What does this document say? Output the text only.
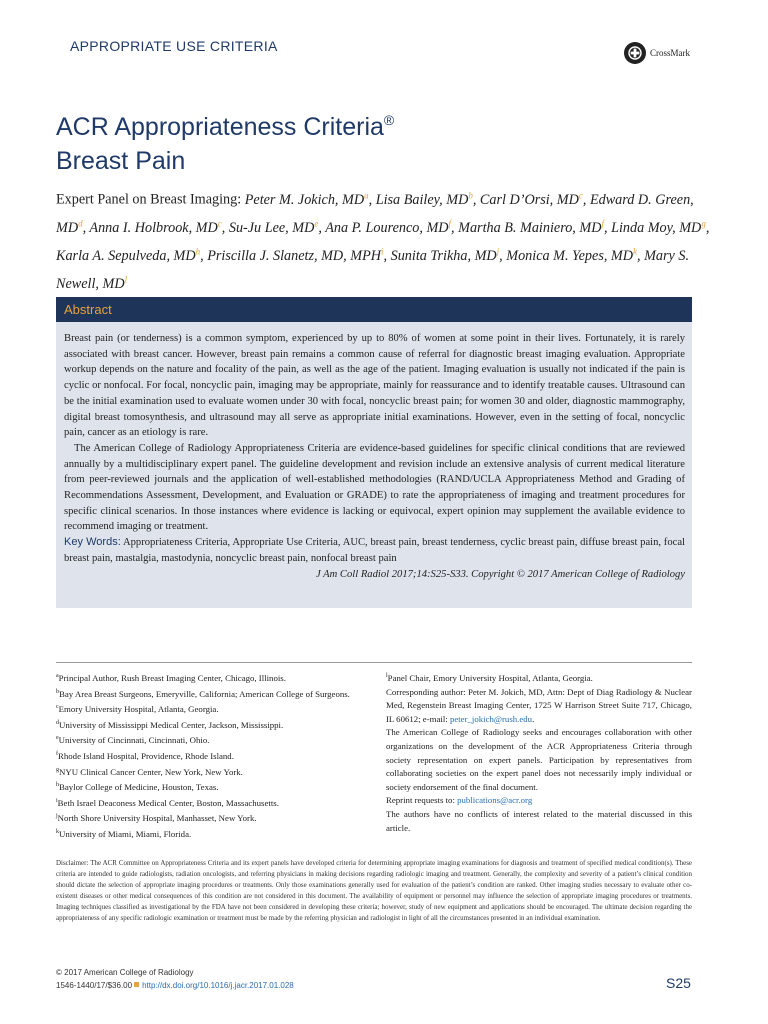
APPROPRIATE USE CRITERIA	CrossMark
ACR Appropriateness Criteria®
Breast Pain
Expert Panel on Breast Imaging: Peter M. Jokich, $MD^a$, Lisa Bailey, $MD^b$, Carl D’Orsi, $MD^c$, Edward D. Green, $MD^d$, Anna I. Holbrook, $MD^c$, Su-Ju Lee, MDe, Ana P. Lourenco, $MD^f$, Martha B. Mainiero, $MD^f$, Linda Moy, $MD^g$, Karla A. Sepulveda, $MD^h$, Priscilla J. Slanetz, MD, MPH$^i$, Sunita Trikha, $MD^j$, Monica M. Yepes, $MD^k$, Mary S. Newell, $MD^l$
Abstract

Breast pain (or tenderness) is a common symptom, experienced by up to 80% of women at some point in their lives. Fortunately, it is rarely associated with breast cancer. However, breast pain remains a common cause of referral for diagnostic breast imaging evaluation. Appropriate workup depends on the nature and focality of the pain, as well as the age of the patient. Imaging evaluation is usually not indicated if the pain is cyclic or nonfocal. For focal, noncyclic pain, imaging may be appropriate, mainly for reassurance and to identify treatable causes. Ultrasound can be the initial examination used to evaluate women under 30 with focal, noncyclic breast pain; for women 30 and older, diagnostic mammography, digital breast tomosynthesis, and ultrasound may all serve as appropriate initial examinations. However, even in the setting of focal, noncyclic pain, cancer as an etiology is rare.

The American College of Radiology Appropriateness Criteria are evidence-based guidelines for specific clinical conditions that are reviewed annually by a multidisciplinary expert panel. The guideline development and revision include an extensive analysis of current medical literature from peer-reviewed journals and the application of well-established methodologies (RAND/UCLA Appropriateness Method and Grading of Recommendations Assessment, Development, and Evaluation or GRADE) to rate the appropriateness of imaging and treatment procedures for specific clinical scenarios. In those instances where evidence is lacking or equivocal, expert opinion may supplement the available evidence to recommend imaging or treatment.

Key Words: Appropriateness Criteria, Appropriate Use Criteria, AUC, breast pain, breast tenderness, cyclic breast pain, diffuse breast pain, focal breast pain, mastalgia, mastodynia, noncyclic breast pain, nonfocal breast pain

J Am Coll Radiol 2017;14:S25-S33. Copyright © 2017 American College of Radiology

$^a$Principal Author, Rush Breast Imaging Center, Chicago, Illinois.
$^b$Bay Area Breast Surgeons, Emeryville, California; American College of Surgeons.
$^c$Emory University Hospital, Atlanta, Georgia.
$^d$University of Mississippi Medical Center, Jackson, Mississippi.
$^e$University of Cincinnati, Cincinnati, Ohio.
$^f$Rhode Island Hospital, Providence, Rhode Island.
$^g$NYU Clinical Cancer Center, New York, New York.
$^h$Baylor College of Medicine, Houston, Texas.
$^i$Beth Israel Deaconess Medical Center, Boston, Massachusetts.
$^j$North Shore University Hospital, Manhasset, New York.
$^k$University of Miami, Miami, Florida.
$^l$Panel Chair, Emory University Hospital, Atlanta, Georgia.
Corresponding author: Peter M. Jokich, MD, Attn: Dept of Diag Radiology & Nuclear Med, Regenstein Breast Imaging Center, 1725 W Harrison Street Suite 717, Chicago, IL 60612; e-mail: peter_jokich@rush.edu.
The American College of Radiology seeks and encourages collaboration with other organizations on the development of the ACR Appropriateness Criteria through society representation on expert panels. Participation by representatives from collaborating societies on the expert panel does not necessarily imply individual or society endorsement of the final document.
Reprint requests to: publications@acr.org
The authors have no conflicts of interest related to the material discussed in this article.
Disclaimer: The ACR Committee on Appropriateness Criteria and its expert panels have developed criteria for determining appropriate imaging examinations for diagnosis and treatment of specified medical condition(s). These criteria are intended to guide radiologists, radiation oncologists, and referring physicians in making decisions regarding radiologic imaging and treatment. Generally, the complexity and severity of a patient’s clinical condition should dictate the selection of appropriate imaging procedures or treatments. Only those examinations generally used for evaluation of the patient’s condition are ranked. Other imaging studies necessary to evaluate other co-existent diseases or other medical consequences of this condition are not considered in this document. The availability of equipment or personnel may influence the selection of appropriate imaging procedures or treatments. Imaging techniques classified as investigational by the FDA have not been considered in developing these criteria; however, study of new equipment and applications should be encouraged. The ultimate decision regarding the appropriateness of any specific radiologic examination or treatment must be made by the referring physician and radiologist in light of all the circumstances presented in an individual examination.
© 2017 American College of Radiology
1546-1440/17/$36.00 http://dx.doi.org/10.1016/j.jacr.2017.01.028	S25
